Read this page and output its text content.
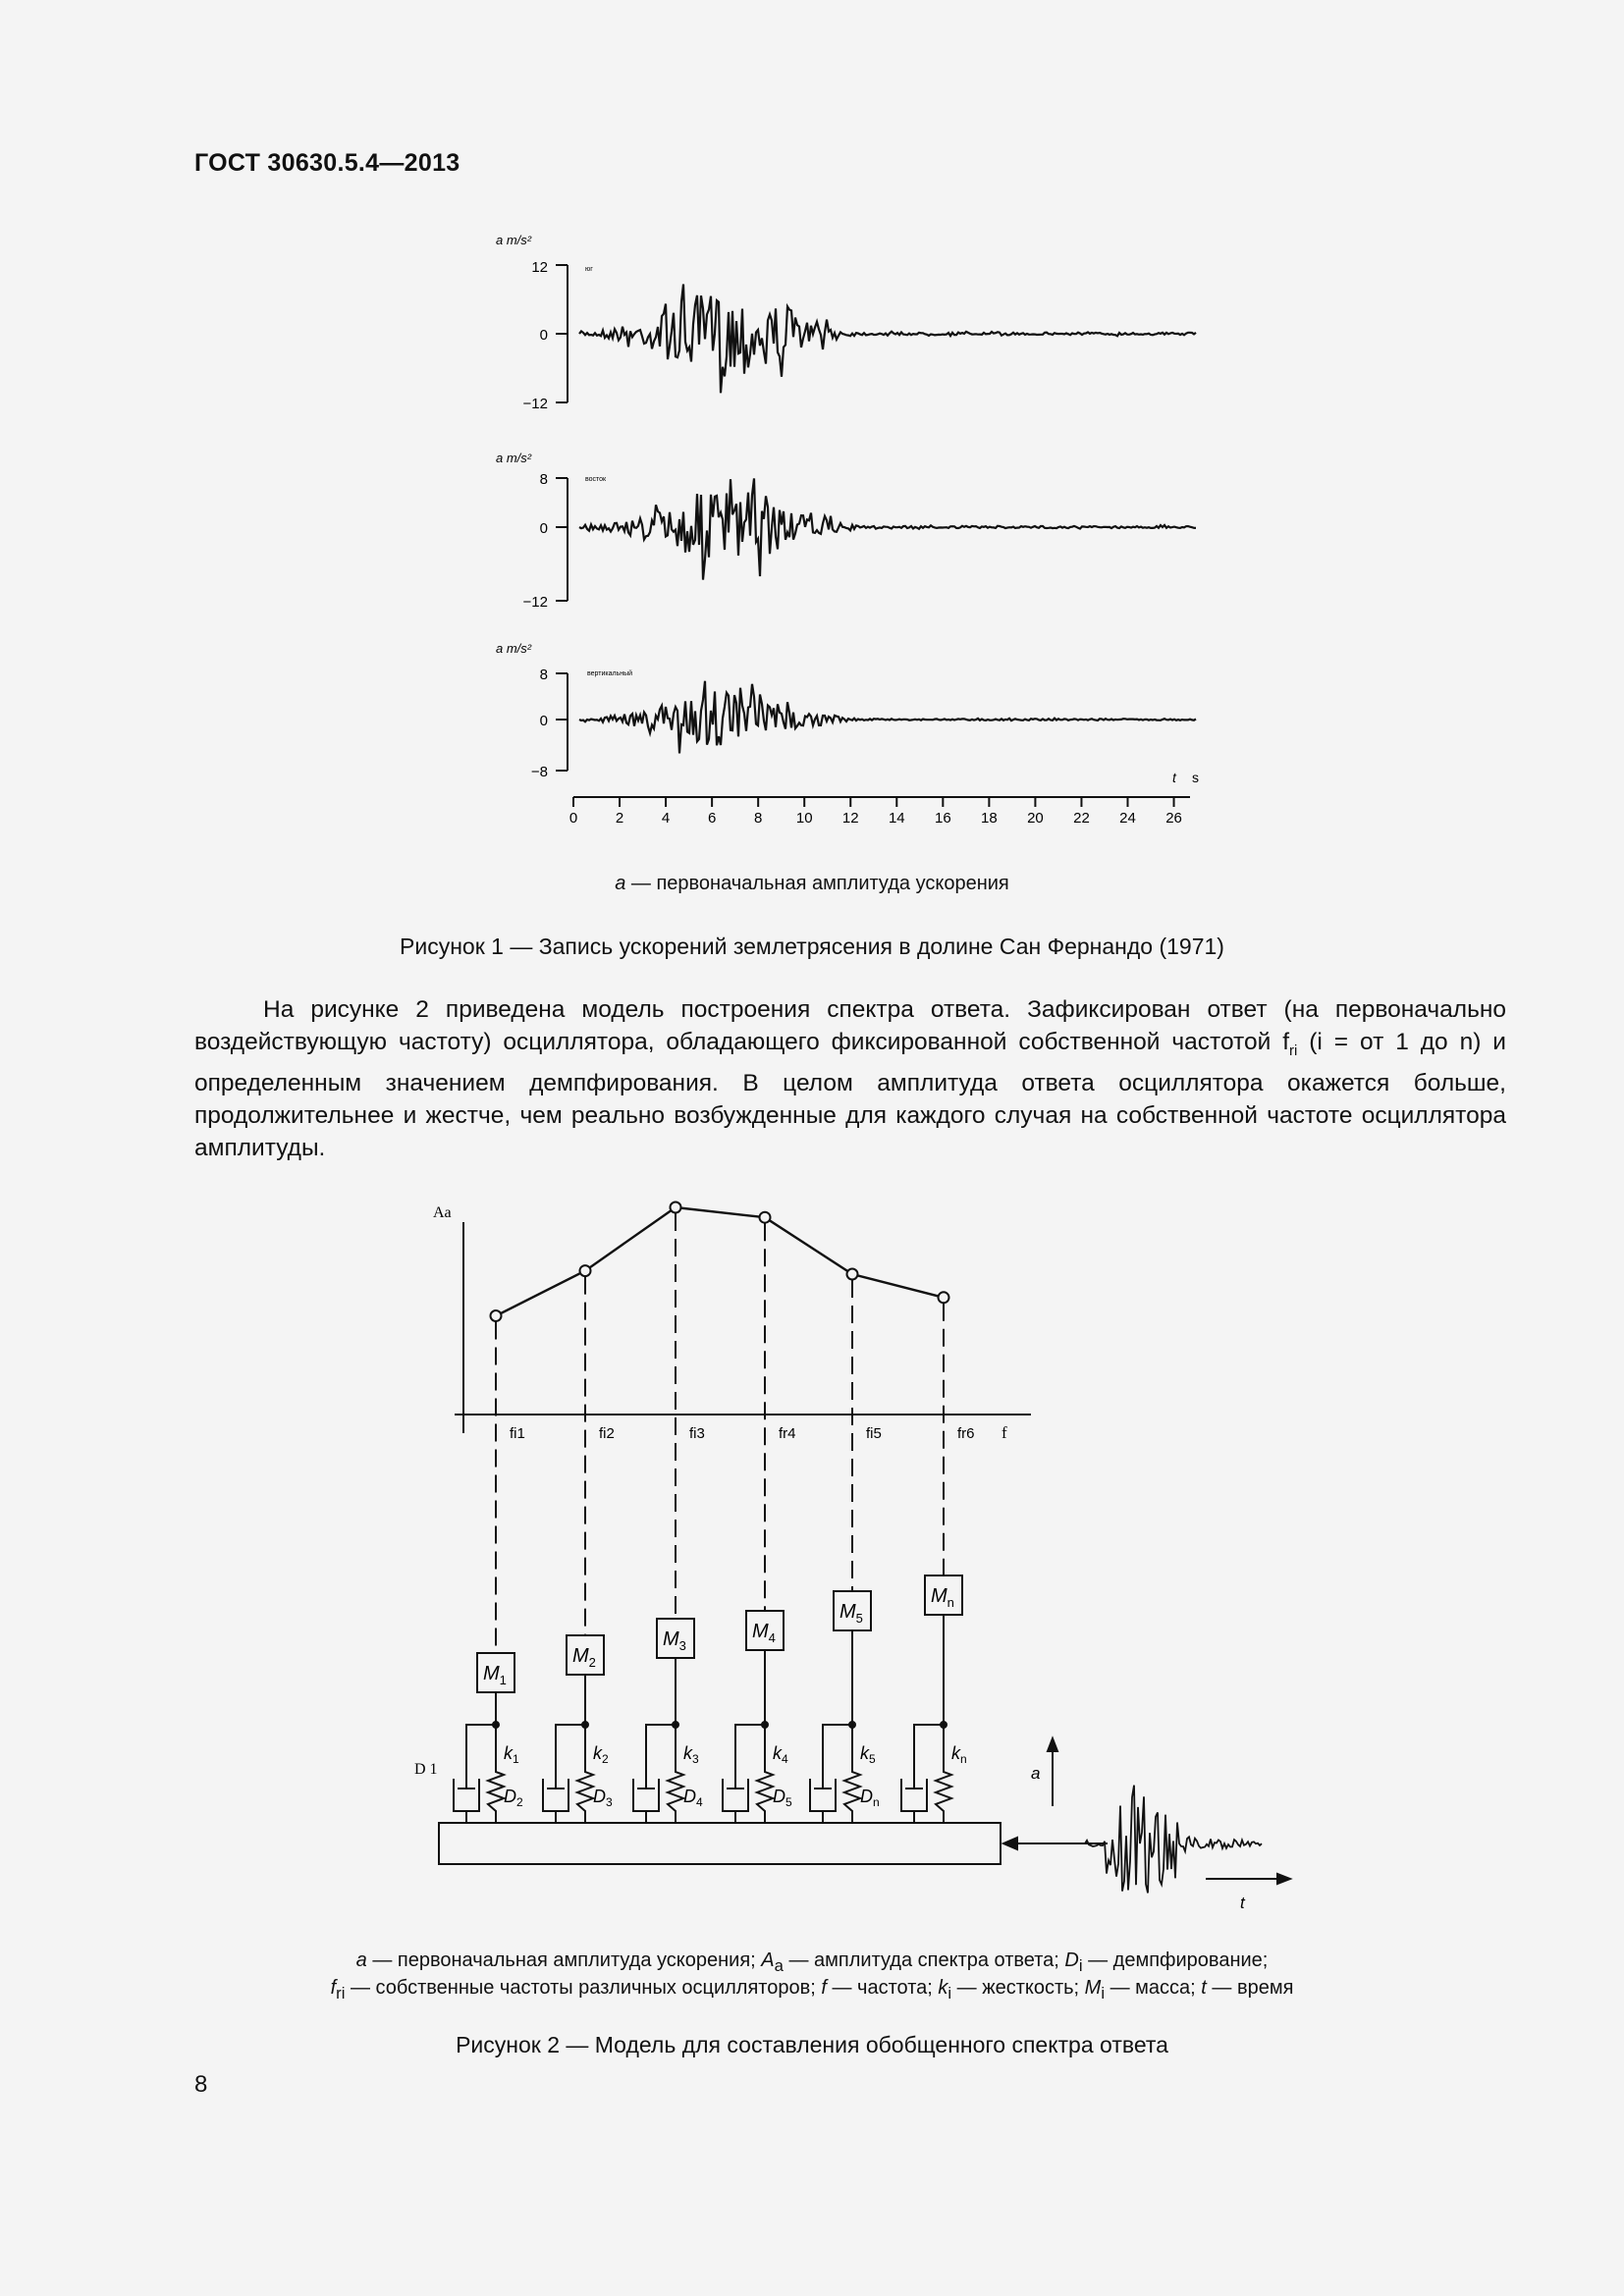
ГОСТ 30630.5.4—2013
a m/s²
12
0
−12
юг
a m/s²
8
0
−12
восток
a m/s²
8
0
−8
вертикальный
t s
0	2	4	6	8 10 12 14 16 18 20 22 24 26
a — первоначальная амплитуда ускорения
Рисунок 1 — Запись ускорений землетрясения в долине Сан Фернандо (1971)

На рисунке 2 приведена модель построения спектра ответа. Зафиксирован ответ (на первоначально воздействующую частоту) осциллятора, обладающего фиксированной собственной частотой $f_{ri}$ (i = от 1 до n) и определенным значением демпфирования. В целом амплитуда ответа осциллятора окажется больше, продолжительнее и жестче, чем реально возбужденные для каждого случая на собственной частоте осциллятора амплитуды.

Aa
f
fi1	fi2	fi3	fr4	fi5	fr6
$M_1$
$k_1$
$D_2$
$M_2$
$k_2$
$D_3$
$M_3$
$k_3$
$D_4$
$M_4$
$k_4$
$D_5$
$M_5$
$k_5$
$D_n$
$M_n$
$k_n$
D 1	a
t
a — первоначальная амплитуда ускорения; $A_a$ — амплитуда спектра ответа; $D_i$ — демпфирование;
$f_{ri}$ — собственные частоты различных осцилляторов; f — частота; $k_i$ — жесткость; $M_i$ — масса; t — время
Рисунок 2 — Модель для составления обобщенного спектра ответа
8
